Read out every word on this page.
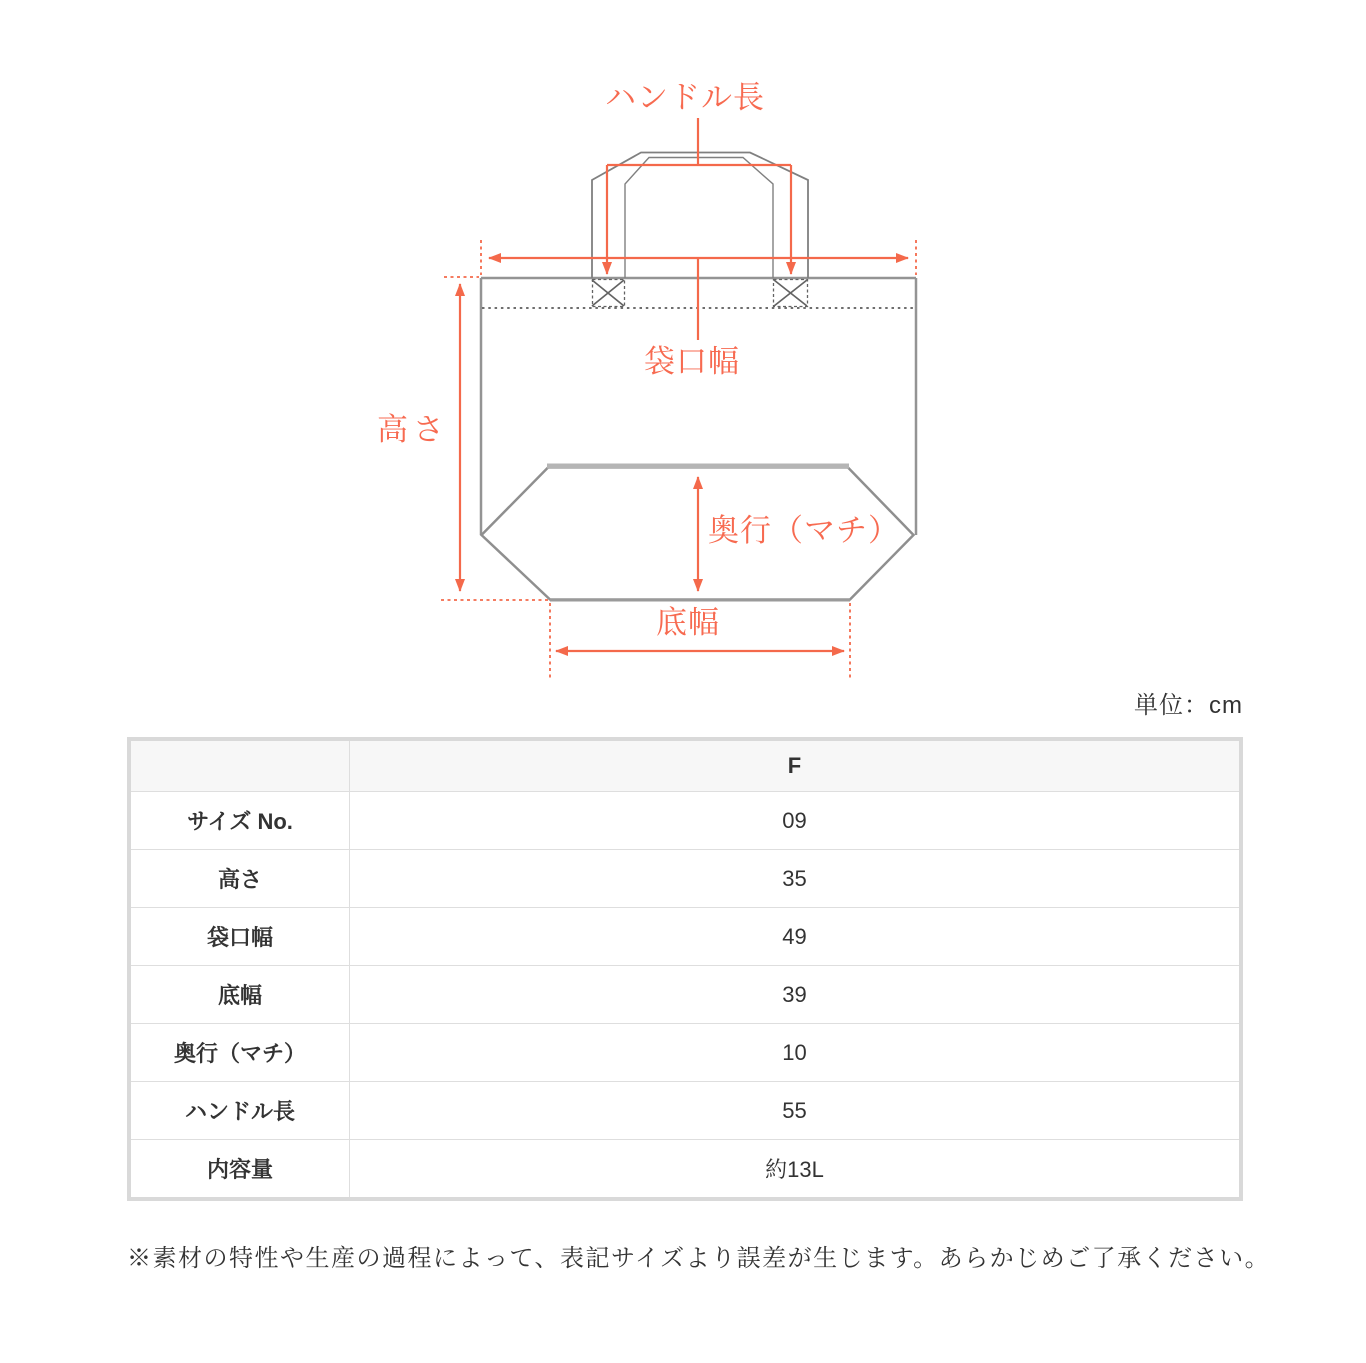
ハンドル長
袋口幅
高さ
奥行（マチ）
底幅
単位：cm
	F
サイズ No.	09
高さ	35
袋口幅	49
底幅	39
奥行（マチ）	10
ハンドル長	55
内容量	約13L
※素材の特性や生産の過程によって、表記サイズより誤差が生じます。あらかじめご了承ください。
